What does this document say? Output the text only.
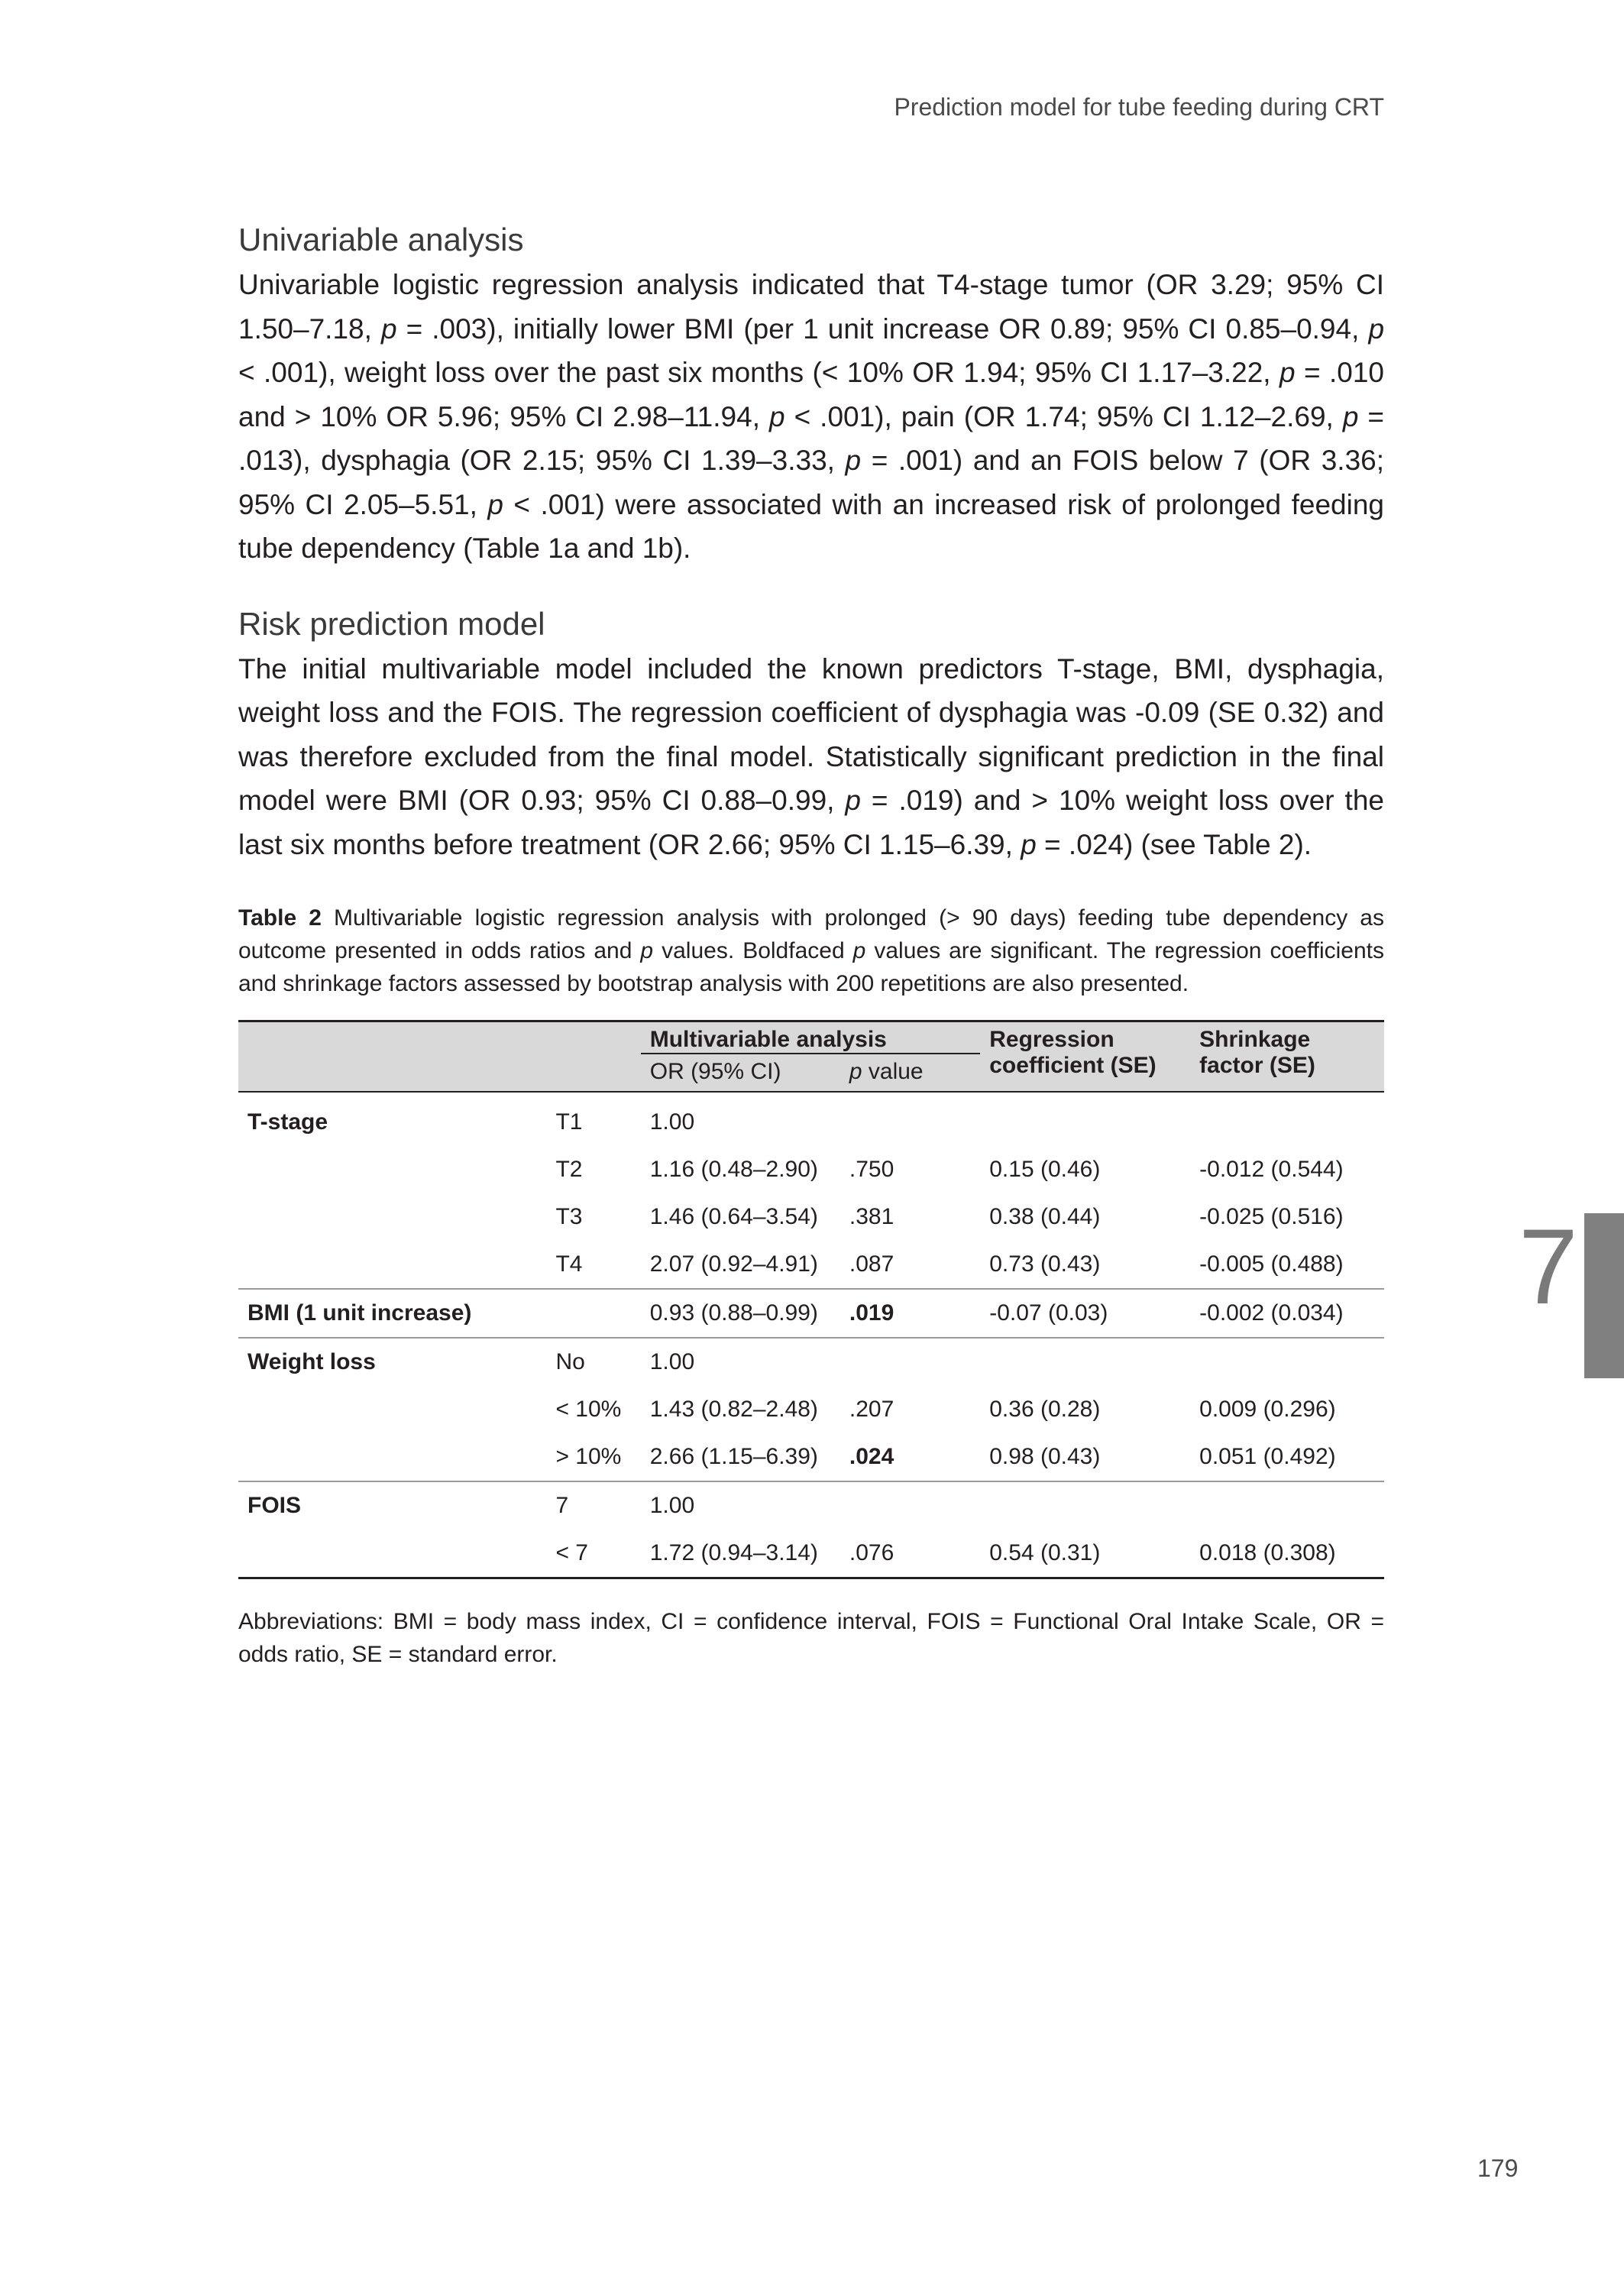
Prediction model for tube feeding during CRT
Univariable analysis

Univariable logistic regression analysis indicated that T4-stage tumor (OR 3.29; 95% CI 1.50–7.18, p = .003), initially lower BMI (per 1 unit increase OR 0.89; 95% CI 0.85–0.94, p < .001), weight loss over the past six months (< 10% OR 1.94; 95% CI 1.17–3.22, p = .010 and > 10% OR 5.96; 95% CI 2.98–11.94, p < .001), pain (OR 1.74; 95% CI 1.12–2.69, p = .013), dysphagia (OR 2.15; 95% CI 1.39–3.33, p = .001) and an FOIS below 7 (OR 3.36; 95% CI 2.05–5.51, p < .001) were associated with an increased risk of prolonged feeding tube dependency (Table 1a and 1b).

Risk prediction model

The initial multivariable model included the known predictors T-stage, BMI, dysphagia, weight loss and the FOIS. The regression coefficient of dysphagia was -0.09 (SE 0.32) and was therefore excluded from the final model. Statistically significant prediction in the final model were BMI (OR 0.93; 95% CI 0.88–0.99, p = .019) and > 10% weight loss over the last six months before treatment (OR 2.66; 95% CI 1.15–6.39, p = .024) (see Table 2).

Table 2 Multivariable logistic regression analysis with prolonged (> 90 days) feeding tube dependency as outcome presented in odds ratios and p values. Boldfaced p values are significant. The regression coefficients and shrinkage factors assessed by bootstrap analysis with 200 repetitions are also presented.

		Multivariable analysis		Regression coefficient (SE)	Shrinkage factor (SE)
		OR (95% CI)	p value		
T-stage	T1	1.00			
	T2	1.16 (0.48–2.90)	.750	0.15 (0.46)	-0.012 (0.544)
	T3	1.46 (0.64–3.54)	.381	0.38 (0.44)	-0.025 (0.516)
	T4	2.07 (0.92–4.91)	.087	0.73 (0.43)	-0.005 (0.488)
BMI (1 unit increase)		0.93 (0.88–0.99)	.019	-0.07 (0.03)	-0.002 (0.034)
Weight loss	No	1.00			
	< 10%	1.43 (0.82–2.48)	.207	0.36 (0.28)	0.009 (0.296)
	> 10%	2.66 (1.15–6.39)	.024	0.98 (0.43)	0.051 (0.492)
FOIS	7	1.00			
	< 7	1.72 (0.94–3.14)	.076	0.54 (0.31)	0.018 (0.308)

Abbreviations: BMI = body mass index, CI = confidence interval, FOIS = Functional Oral Intake Scale, OR = odds ratio, SE = standard error.

7
179
